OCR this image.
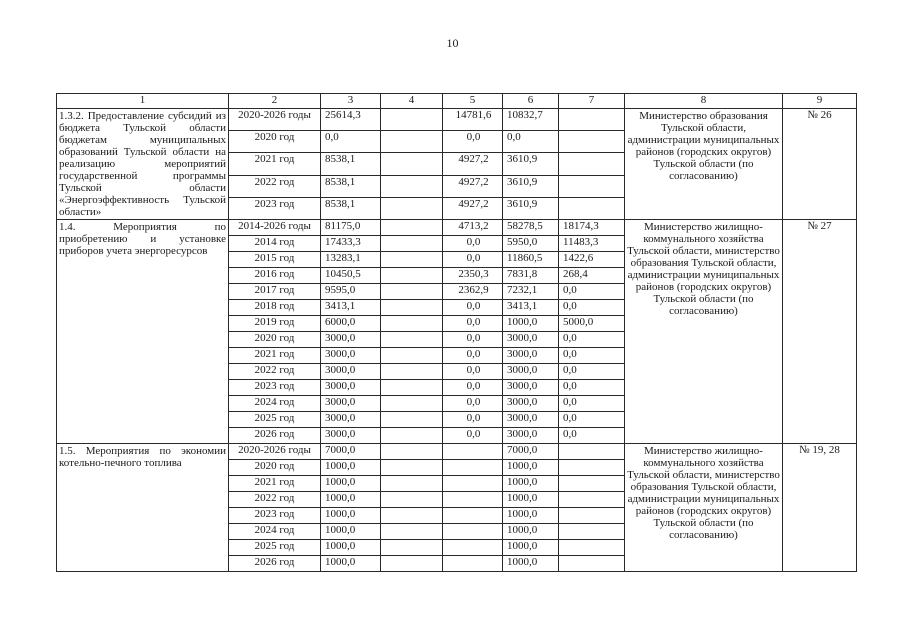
10
1	2	3	4	5	6	7	8	9
1.3.2. Предоставление субсидий из бюджета Тульской области бюджетам муниципальных образований Тульской области на реализацию мероприятий государственной программы Тульской области «Энергоэффективность Тульской области»	2020-2026 годы	25614,3		14781,6	10832,7		Министерство образования Тульской области, администрации муниципальных районов (городских округов) Тульской области (по согласованию)	№ 26
	2020 год	0,0		0,0	0,0			
	2021 год	8538,1		4927,2	3610,9			
	2022 год	8538,1		4927,2	3610,9			
	2023 год	8538,1		4927,2	3610,9			
1.4. Мероприятия по приобретению и установке приборов учета энергоресурсов	2014-2026 годы	81175,0		4713,2	58278,5	18174,3	Министерство жилищно-коммунального хозяйства Тульской области, министерство образования Тульской области, администрации муниципальных районов (городских округов) Тульской области (по согласованию)	№ 27
	2014 год	17433,3		0,0	5950,0	11483,3		
	2015 год	13283,1		0,0	11860,5	1422,6		
	2016 год	10450,5		2350,3	7831,8	268,4		
	2017 год	9595,0		2362,9	7232,1	0,0		
	2018 год	3413,1		0,0	3413,1	0,0		
	2019 год	6000,0		0,0	1000,0	5000,0		
	2020 год	3000,0		0,0	3000,0	0,0		
	2021 год	3000,0		0,0	3000,0	0,0		
	2022 год	3000,0		0,0	3000,0	0,0		
	2023 год	3000,0		0,0	3000,0	0,0		
	2024 год	3000,0		0,0	3000,0	0,0		
	2025 год	3000,0		0,0	3000,0	0,0		
	2026 год	3000,0		0,0	3000,0	0,0		
1.5. Мероприятия по экономии котельно-печного топлива	2020-2026 годы	7000,0			7000,0		Министерство жилищно-коммунального хозяйства Тульской области, министерство образования Тульской области, администрации муниципальных районов (городских округов) Тульской области (по согласованию)	№ 19, 28
	2020 год	1000,0			1000,0			
	2021 год	1000,0			1000,0			
	2022 год	1000,0			1000,0			
	2023 год	1000,0			1000,0			
	2024 год	1000,0			1000,0			
	2025 год	1000,0			1000,0			
	2026 год	1000,0			1000,0			
